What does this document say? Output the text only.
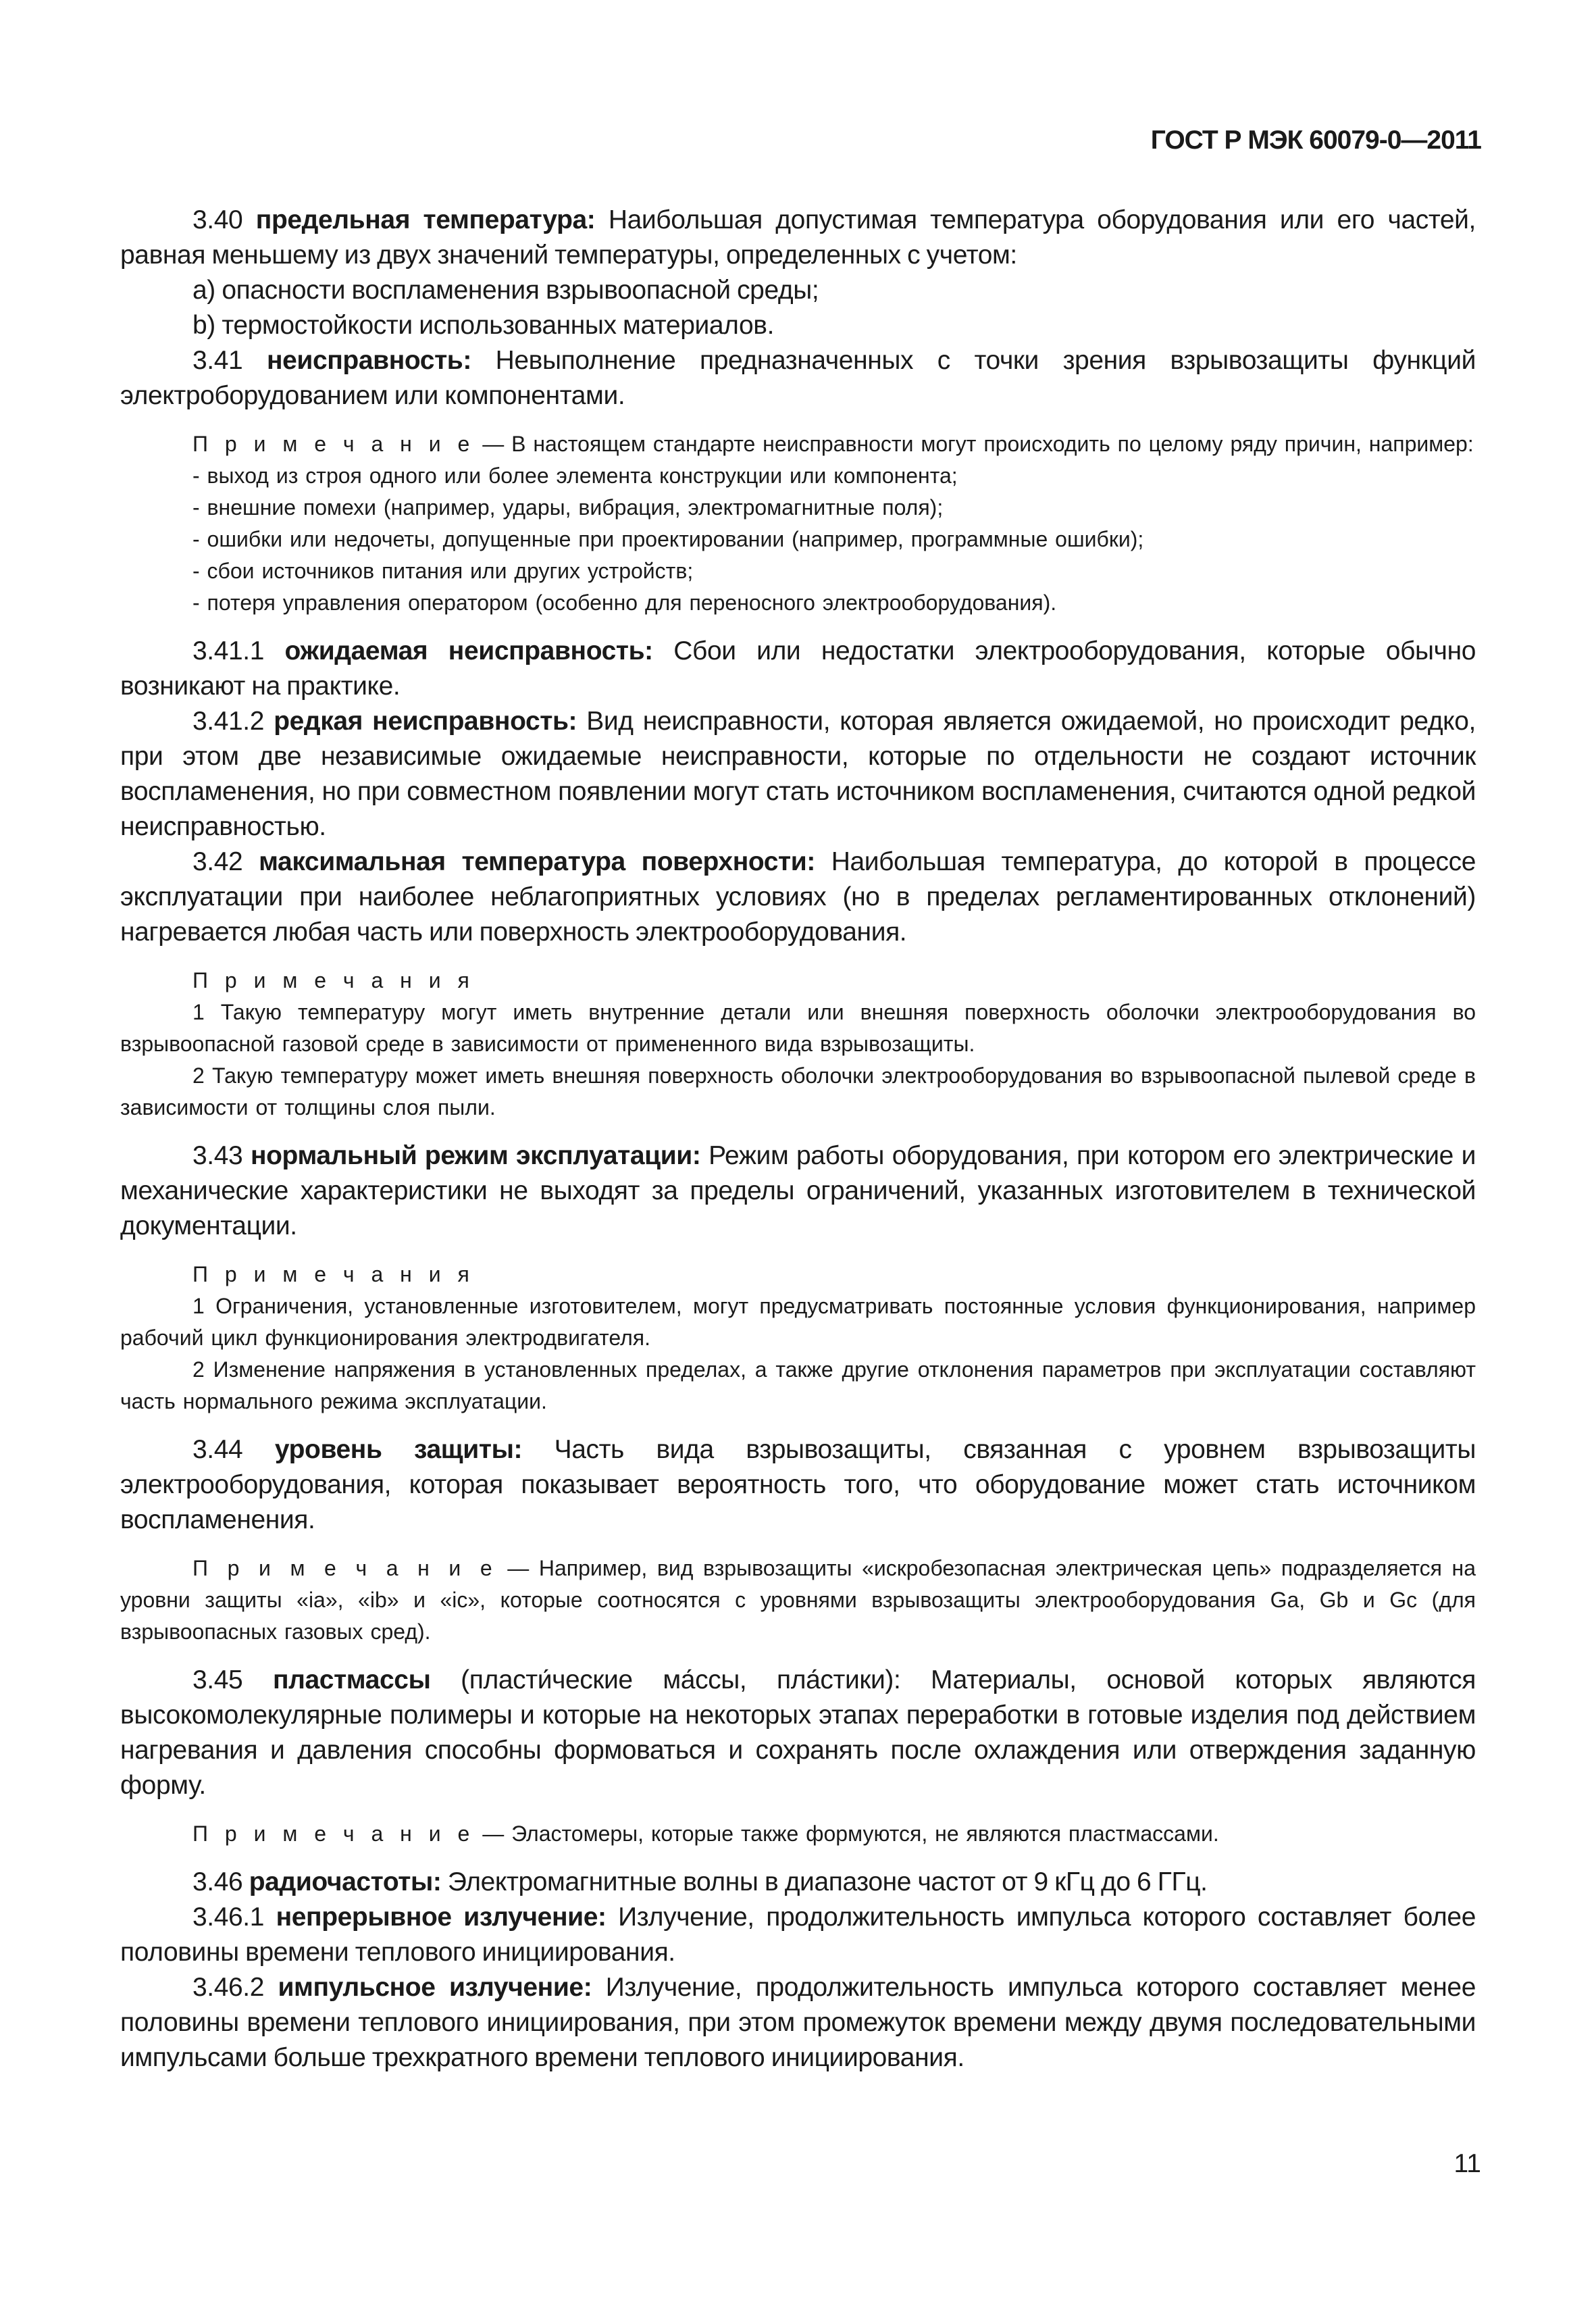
ГОСТ Р МЭК 60079-0—2011

3.40 предельная температура: Наибольшая допустимая температура оборудования или его частей, равная меньшему из двух значений температуры, определенных с учетом:

a) опасности воспламенения взрывоопасной среды;

b) термостойкости использованных материалов.

3.41 неисправность: Невыполнение предназначенных с точки зрения взрывозащиты функций электроборудованием или компонентами.

П р и м е ч а н и е — В настоящем стандарте неисправности могут происходить по целому ряду причин, например:

- выход из строя одного или более элемента конструкции или компонента;

- внешние помехи (например, удары, вибрация, электромагнитные поля);

- ошибки или недочеты, допущенные при проектировании (например, программные ошибки);

- сбои источников питания или других устройств;

- потеря управления оператором (особенно для переносного электрооборудования).

3.41.1 ожидаемая неисправность: Сбои или недостатки электрооборудования, которые обычно возникают на практике.

3.41.2 редкая неисправность: Вид неисправности, которая является ожидаемой, но происходит редко, при этом две независимые ожидаемые неисправности, которые по отдельности не создают источник воспламенения, но при совместном появлении могут стать источником воспламенения, считаются одной редкой неисправностью.

3.42 максимальная температура поверхности: Наибольшая температура, до которой в процессе эксплуатации при наиболее неблагоприятных условиях (но в пределах регламентированных отклонений) нагревается любая часть или поверхность электрооборудования.

П р и м е ч а н и я

1 Такую температуру могут иметь внутренние детали или внешняя поверхность оболочки электрооборудования во взрывоопасной газовой среде в зависимости от примененного вида взрывозащиты.

2 Такую температуру может иметь внешняя поверхность оболочки электрооборудования во взрывоопасной пылевой среде в зависимости от толщины слоя пыли.

3.43 нормальный режим эксплуатации: Режим работы оборудования, при котором его электрические и механические характеристики не выходят за пределы ограничений, указанных изготовителем в технической документации.

П р и м е ч а н и я

1 Ограничения, установленные изготовителем, могут предусматривать постоянные условия функционирования, например рабочий цикл функционирования электродвигателя.

2 Изменение напряжения в установленных пределах, а также другие отклонения параметров при эксплуатации составляют часть нормального режима эксплуатации.

3.44 уровень защиты: Часть вида взрывозащиты, связанная с уровнем взрывозащиты электрооборудования, которая показывает вероятность того, что оборудование может стать источником воспламенения.

П р и м е ч а н и е — Например, вид взрывозащиты «искробезопасная электрическая цепь» подразделяется на уровни защиты «ia», «ib» и «ic», которые соотносятся с уровнями взрывозащиты электрооборудования Ga, Gb и Gc (для взрывоопасных газовых сред).

3.45 пластмассы (пласти́ческие ма́ссы, пла́стики): Материалы, основой которых являются высокомолекулярные полимеры и которые на некоторых этапах переработки в готовые изделия под действием нагревания и давления способны формоваться и сохранять после охлаждения или отверждения заданную форму.

П р и м е ч а н и е — Эластомеры, которые также формуются, не являются пластмассами.

3.46 радиочастоты: Электромагнитные волны в диапазоне частот от 9 кГц до 6 ГГц.

3.46.1 непрерывное излучение: Излучение, продолжительность импульса которого составляет более половины времени теплового инициирования.

3.46.2 импульсное излучение: Излучение, продолжительность импульса которого составляет менее половины времени теплового инициирования, при этом промежуток времени между двумя последовательными импульсами больше трехкратного времени теплового инициирования.

11
